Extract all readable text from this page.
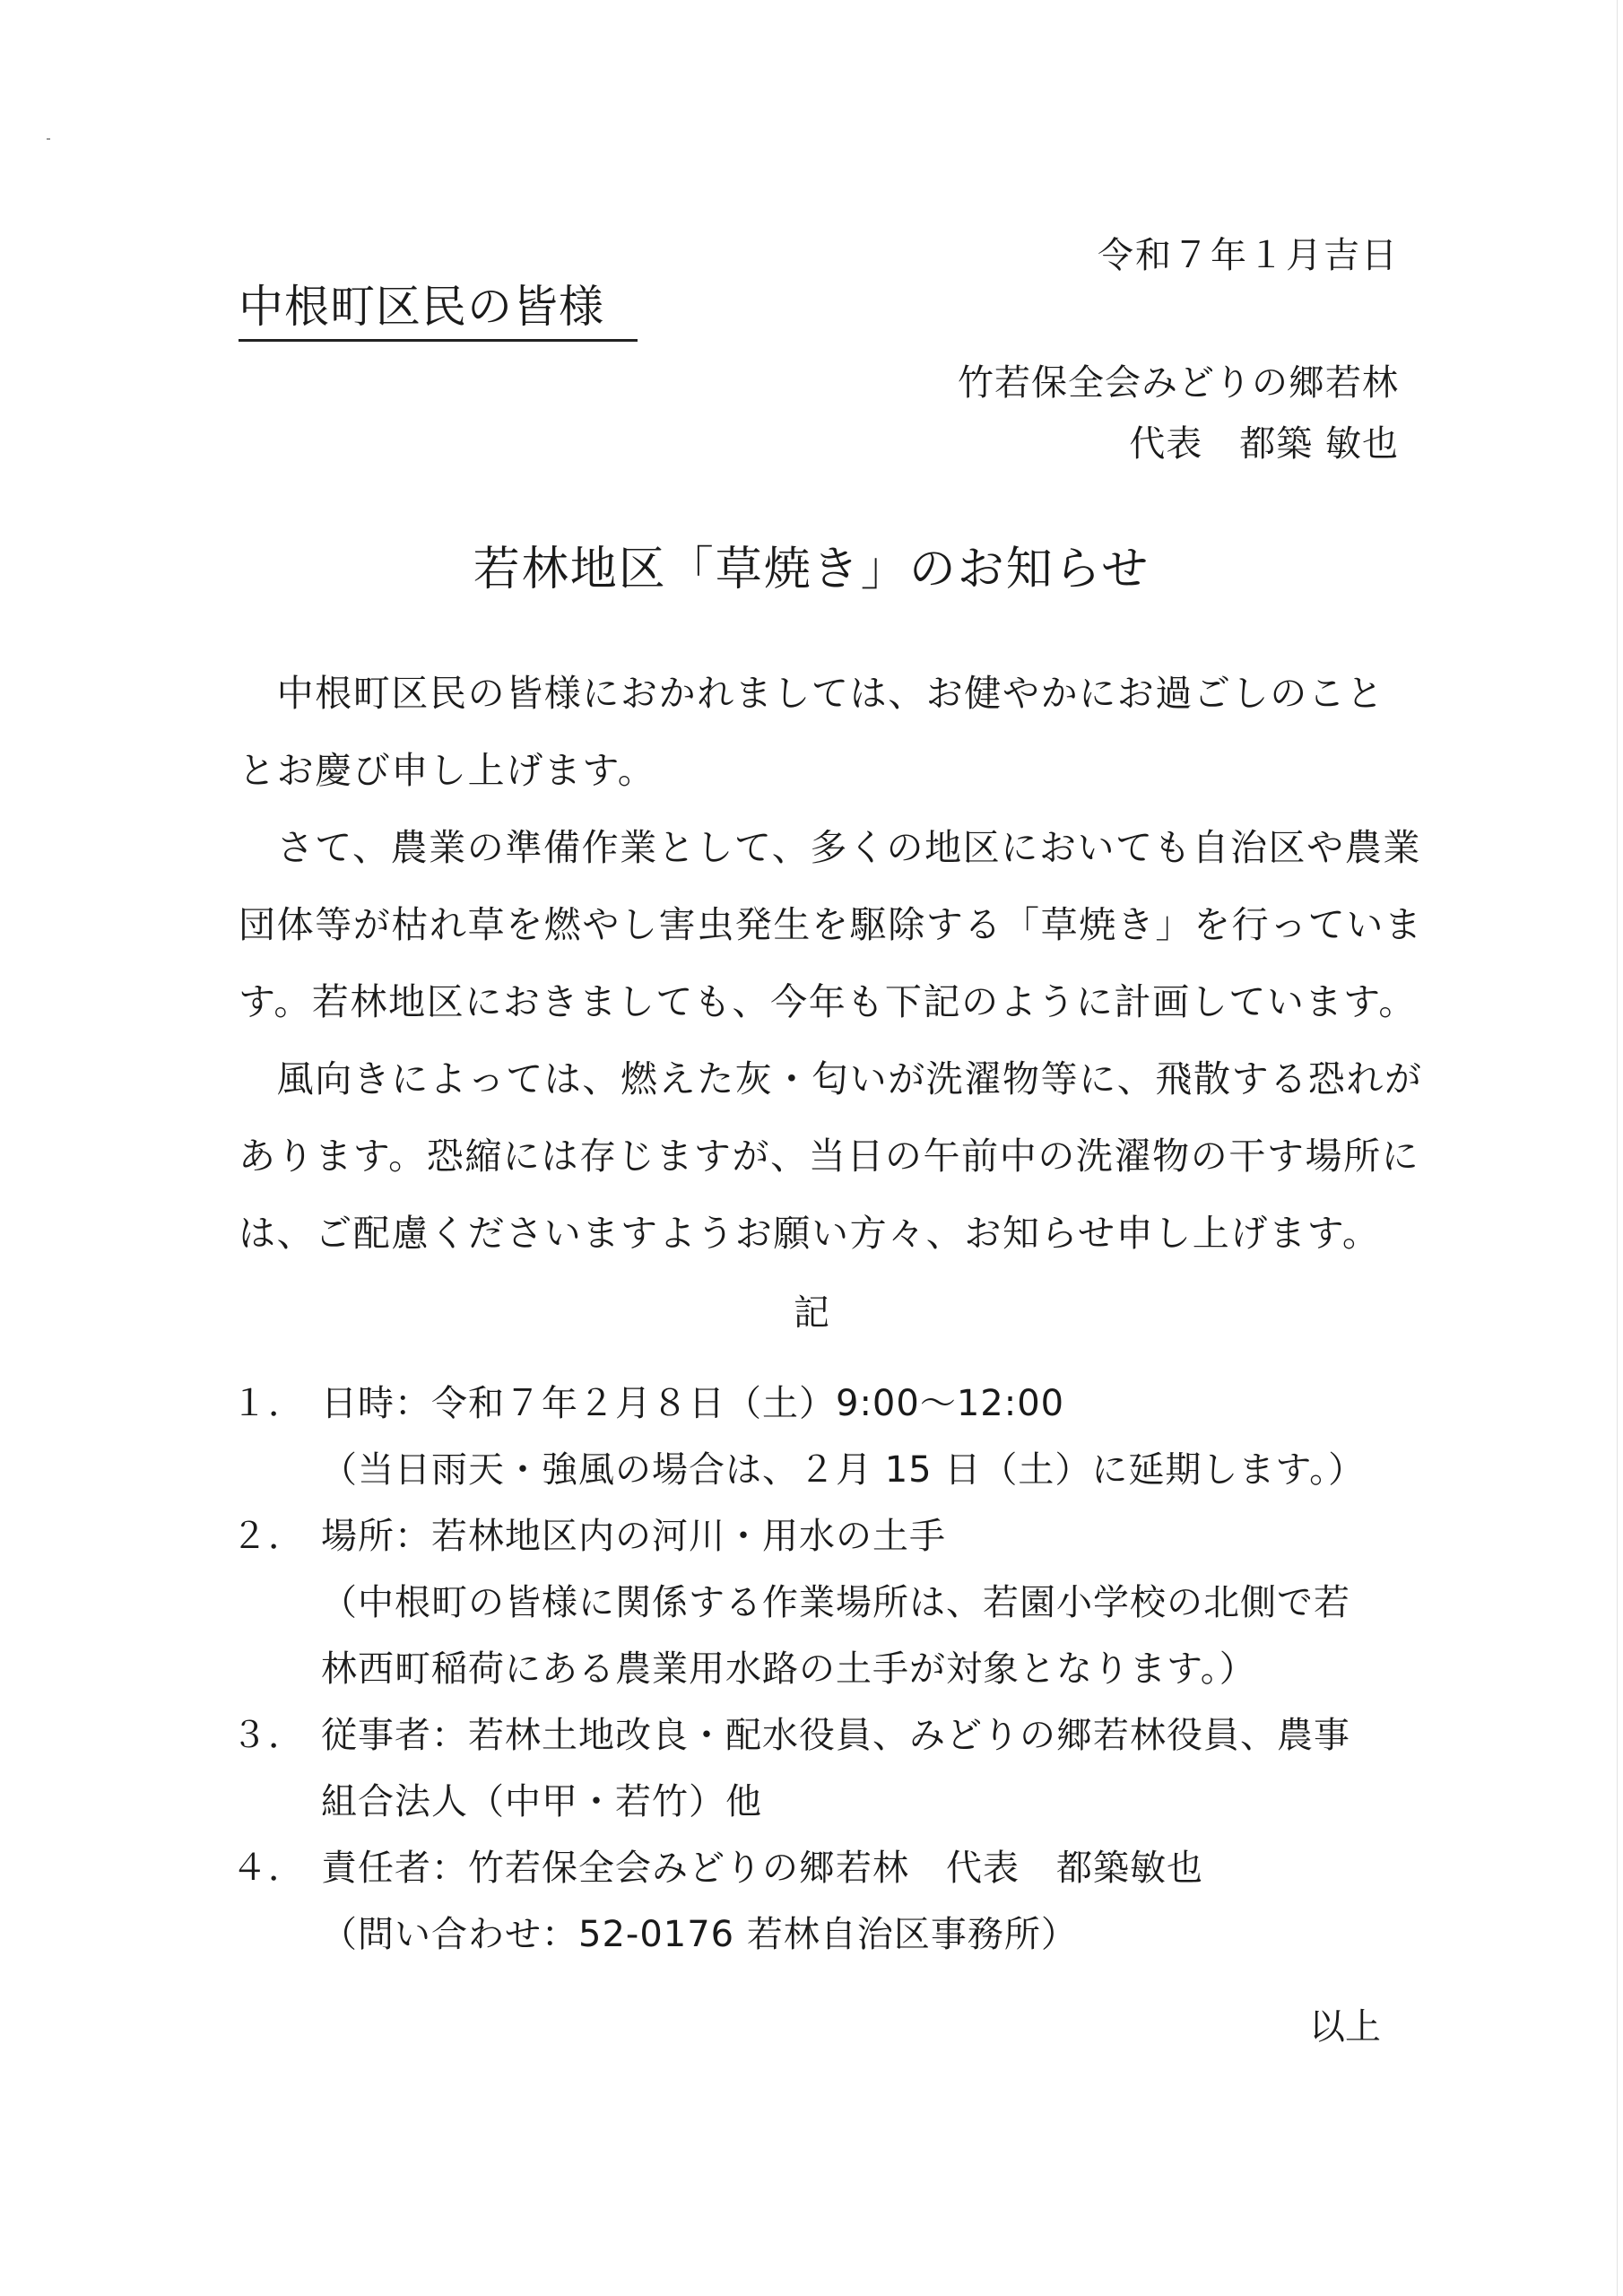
令和７年１月吉日
中根町区民の皆様
竹若保全会みどりの郷若林
代表　都築 敏也
若林地区「草焼き」のお知らせ
　中根町区民の皆様におかれましては、お健やかにお過ごしのこと
とお慶び申し上げます。
　さて、農業の準備作業として、多くの地区においても自治区や農業
団体等が枯れ草を燃やし害虫発生を駆除する「草焼き」を行っていま
す。若林地区におきましても、今年も下記のように計画しています。
　風向きによっては、燃えた灰・匂いが洗濯物等に、飛散する恐れが
あります。恐縮には存じますが、当日の午前中の洗濯物の干す場所に
は、ご配慮くださいますようお願い方々、お知らせ申し上げます。
記
１． 日時：令和７年２月８日（土）9:00～12:00
（当日雨天・強風の場合は、２月 15 日（土）に延期します。）
２． 場所：若林地区内の河川・用水の土手
（中根町の皆様に関係する作業場所は、若園小学校の北側で若
林西町稲荷にある農業用水路の土手が対象となります。）
３． 従事者：若林土地改良・配水役員、みどりの郷若林役員、農事
組合法人（中甲・若竹）他
４． 責任者：竹若保全会みどりの郷若林　代表　都築敏也
（問い合わせ：52-0176 若林自治区事務所）
以上
